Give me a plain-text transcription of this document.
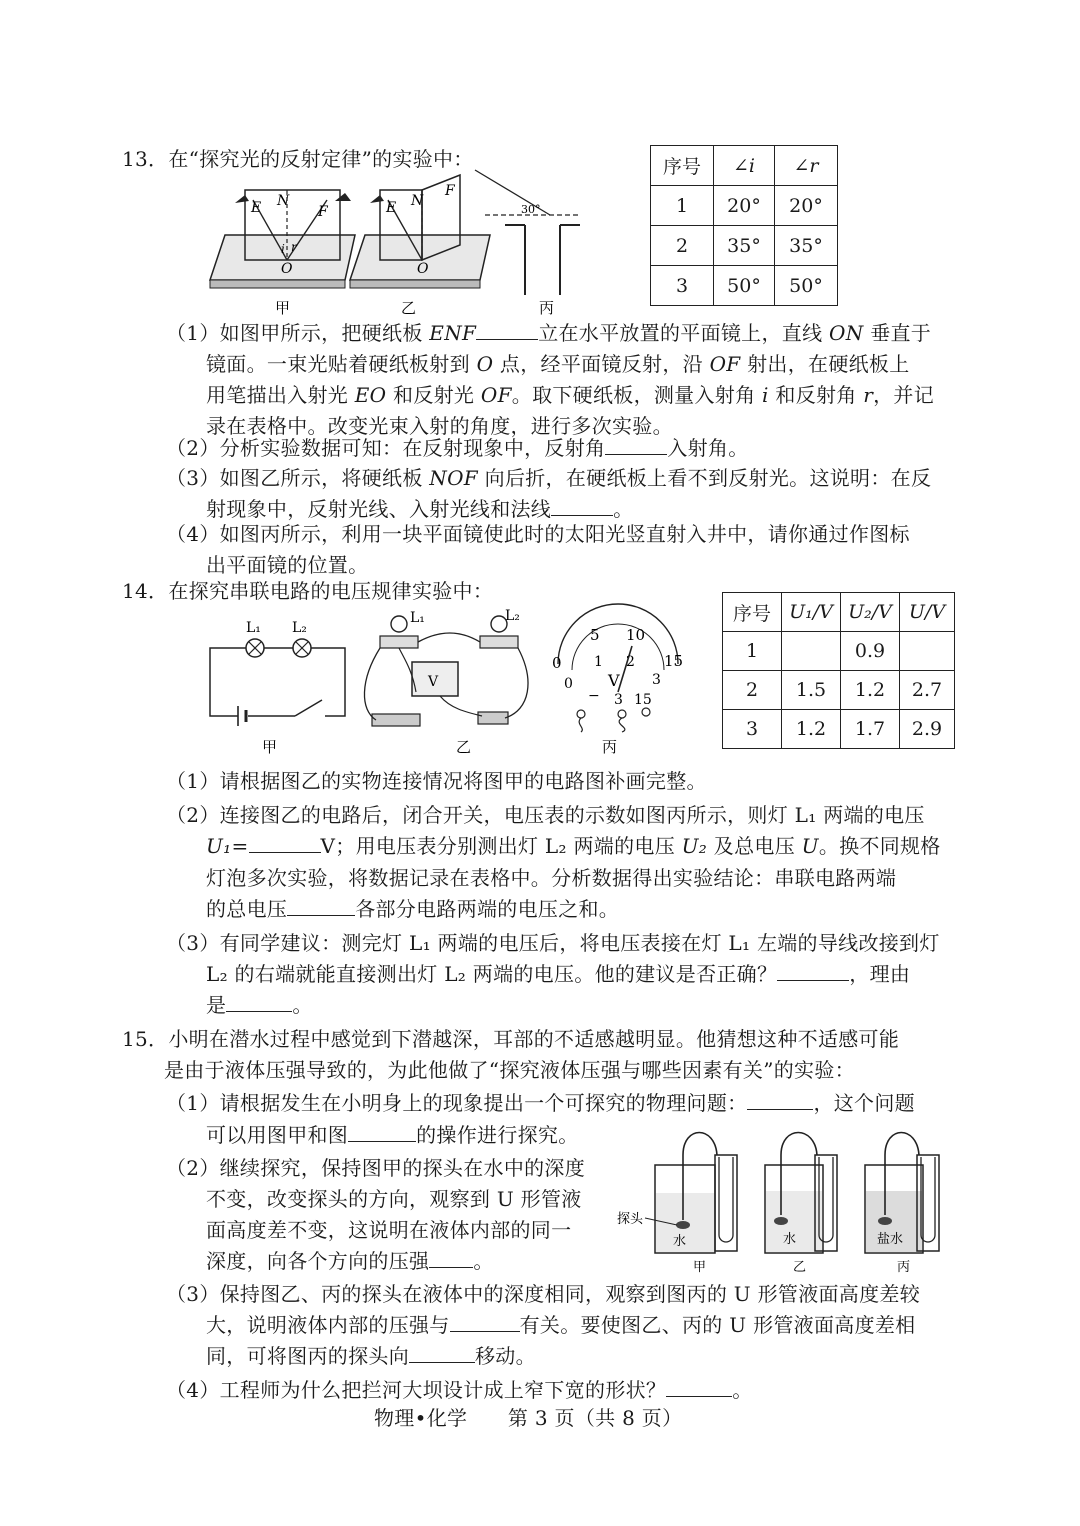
13．在“探究光的反射定律”的实验中：
E N
F
i r
O
甲
E N
F
O
乙
30°
丙
序号	∠i	∠r
1	20°	20°
2	35°	35°
3	50°	50°
（1）如图甲所示，把硬纸板 ENF	立在水平放置的平面镜上，直线 ON 垂直于
镜面。一束光贴着硬纸板射到 O 点，经平面镜反射，沿 OF 射出，在硬纸板上
用笔描出入射光 EO 和反射光 OF。取下硬纸板，测量入射角 i 和反射角 r，并记
录在表格中。改变光束入射的角度，进行多次实验。
（2）分析实验数据可知：在反射现象中，反射角	入射角。
（3）如图乙所示，将硬纸板 NOF 向后折，在硬纸板上看不到反射光。这说明：在反
射现象中，反射光线、入射光线和法线	。
（4）如图丙所示，利用一块平面镜使此时的太阳光竖直射入井中，请你通过作图标
出平面镜的位置。
14．在探究串联电路的电压规律实验中：
L₁ L₂
甲
L₁	L₂
V
乙
0
5 10
15
0
1 2
3
V
− 3 15
丙
序号	U₁/V	U₂/V	U/V
1		0.9	
2	1.5	1.2	2.7
3	1.2	1.7	2.9
（1）请根据图乙的实物连接情况将图甲的电路图补画完整。
（2）连接图乙的电路后，闭合开关，电压表的示数如图丙所示，则灯 L₁ 两端的电压
U₁=	V；用电压表分别测出灯 L₂ 两端的电压 U₂ 及总电压 U。换不同规格
灯泡多次实验，将数据记录在表格中。分析数据得出实验结论：串联电路两端
的总电压	各部分电路两端的电压之和。
（3）有同学建议：测完灯 L₁ 两端的电压后，将电压表接在灯 L₁ 左端的导线改接到灯
L₂ 的右端就能直接测出灯 L₂ 两端的电压。他的建议是否正确？	，理由
是	。
15．小明在潜水过程中感觉到下潜越深，耳部的不适感越明显。他猜想这种不适感可能
是由于液体压强导致的，为此他做了“探究液体压强与哪些因素有关”的实验：
（1）请根据发生在小明身上的现象提出一个可探究的物理问题：	，这个问题
可以用图甲和图	的操作进行探究。
（2）继续探究，保持图甲的探头在水中的深度
不变，改变探头的方向，观察到 U 形管液
面高度差不变，这说明在液体内部的同一
深度，向各个方向的压强 。
探头
水
甲
水
乙
盐水
丙
（3）保持图乙、丙的探头在液体中的深度相同，观察到图丙的 U 形管液面高度差较
大，说明液体内部的压强与	有关。要使图乙、丙的 U 形管液面高度差相
同，可将图丙的探头向	移动。
（4）工程师为什么把拦河大坝设计成上窄下宽的形状？	。
物理•化学　　第 3 页（共 8 页）
